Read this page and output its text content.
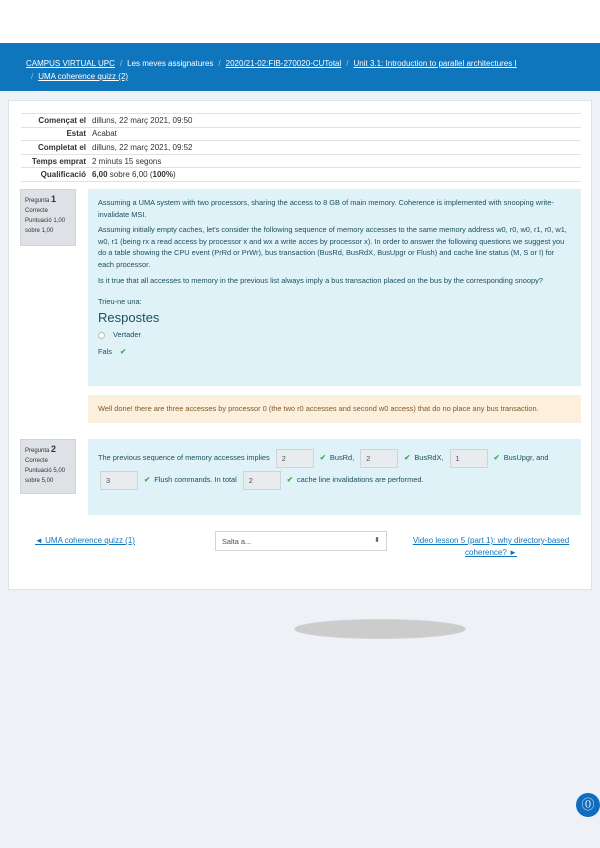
CAMPUS VIRTUAL UPC / Les meves assignatures / 2020/21-02:FIB-270020-CUTotal / Unit 3.1: Introduction to parallel architectures I
/ UMA coherence quizz (2)
Començat el	dilluns, 22 març 2021, 09:50
Estat	Acabat
Completat el	dilluns, 22 març 2021, 09:52
Temps emprat	2 minuts 15 segons
Qualificació	6,00 sobre 6,00 (100%)
Pregunta 1
Correcte
Puntuació 1,00 sobre 1,00

Assuming a UMA system with two processors, sharing the access to 8 GB of main memory. Coherence is implemented with snooping write-invalidate MSI.

Assuming initially empty caches, let's consider the following sequence of memory accesses to the same memory address w0, r0, w0, r1, r0, w1, w0, r1 (being rx a read access by processor x and wx a write acces by processor x). In order to answer the following questions we suggest you do a table showing the CPU event (PrRd or PrWr), bus transaction (BusRd, BusRdX, BusUpgr or Flush) and cache line status (M, S or I) for each processor.

Is it true that all accesses to memory in the previous list always imply a bus transaction placed on the bus by the corresponding snoopy?

Trieu-ne una:

Respostes
Vertader
Fals ✔
Well done! there are three accesses by processor 0 (the two r0 accesses and second w0 access) that do no place any bus transaction.
Pregunta 2
Correcte
Puntuació 5,00 sobre 5,00
The previous sequence of memory accesses implies	2	✔ BusRd,	2	✔ BusRdX,	1	✔ BusUpgr, and
3	✔ Flush commands. In total	2	✔ cache line invalidations are performed.
◄ UMA coherence quizz (1)	Salta a...	⬍	Video lesson 5 (part 1): why directory-based coherence? ►
⓪
